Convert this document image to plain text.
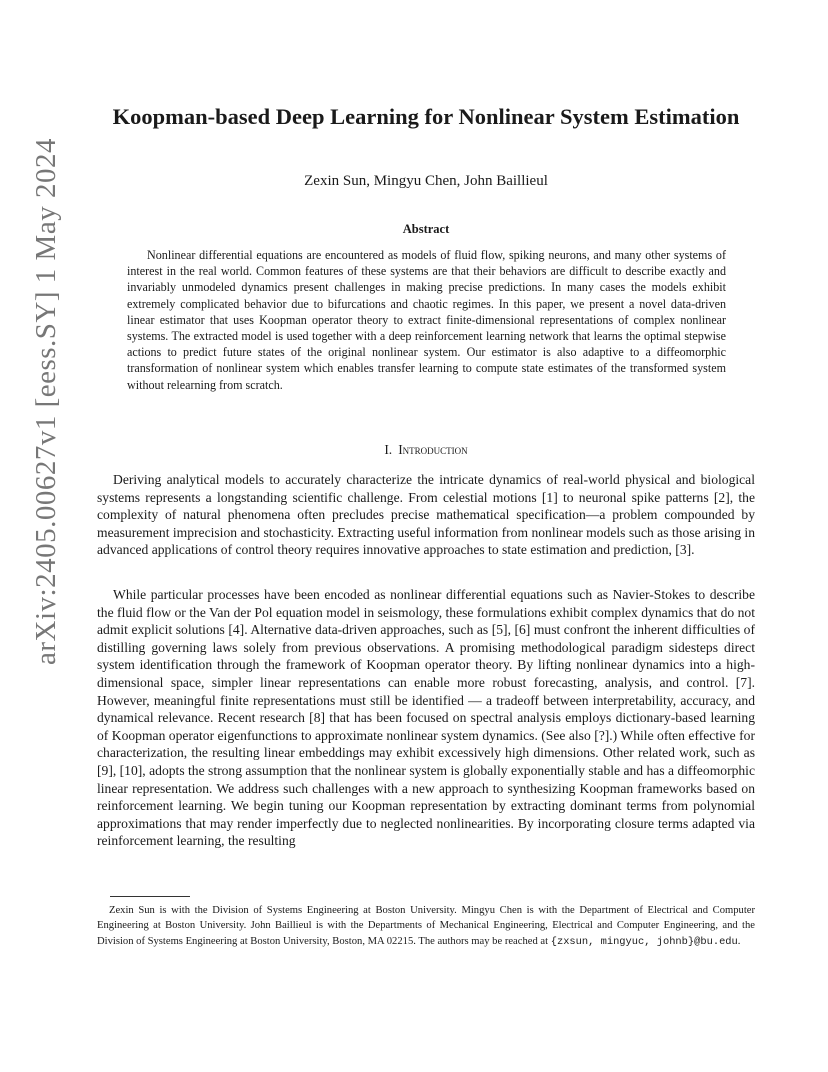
arXiv:2405.00627v1 [eess.SY] 1 May 2024
Koopman-based Deep Learning for Nonlinear System Estimation
Zexin Sun, Mingyu Chen, John Baillieul
Abstract

Nonlinear differential equations are encountered as models of fluid flow, spiking neurons, and many other systems of interest in the real world. Common features of these systems are that their behaviors are difficult to describe exactly and invariably unmodeled dynamics present challenges in making precise predictions. In many cases the models exhibit extremely complicated behavior due to bifurcations and chaotic regimes. In this paper, we present a novel data-driven linear estimator that uses Koopman operator theory to extract finite-dimensional representations of complex nonlinear systems. The extracted model is used together with a deep reinforcement learning network that learns the optimal stepwise actions to predict future states of the original nonlinear system. Our estimator is also adaptive to a diffeomorphic transformation of nonlinear system which enables transfer learning to compute state estimates of the transformed system without relearning from scratch.

I. Introduction

Deriving analytical models to accurately characterize the intricate dynamics of real-world physical and biological systems represents a longstanding scientific challenge. From celestial motions [1] to neuronal spike patterns [2], the complexity of natural phenomena often precludes precise mathematical specification—a problem compounded by measurement imprecision and stochasticity. Extracting useful information from nonlinear models such as those arising in advanced applications of control theory requires innovative approaches to state estimation and prediction, [3].

While particular processes have been encoded as nonlinear differential equations such as Navier-Stokes to describe the fluid flow or the Van der Pol equation model in seismology, these formulations exhibit complex dynamics that do not admit explicit solutions [4]. Alternative data-driven approaches, such as [5], [6] must confront the inherent difficulties of distilling governing laws solely from previous observations. A promising methodological paradigm sidesteps direct system identification through the framework of Koopman operator theory. By lifting nonlinear dynamics into a high-dimensional space, simpler linear representations can enable more robust forecasting, analysis, and control. [7]. However, meaningful finite representations must still be identified — a tradeoff between interpretability, accuracy, and dynamical relevance. Recent research [8] that has been focused on spectral analysis employs dictionary-based learning of Koopman operator eigenfunctions to approximate nonlinear system dynamics. (See also [?].) While often effective for characterization, the resulting linear embeddings may exhibit excessively high dimensions. Other related work, such as [9], [10], adopts the strong assumption that the nonlinear system is globally exponentially stable and has a diffeomorphic linear representation. We address such challenges with a new approach to synthesizing Koopman frameworks based on reinforcement learning. We begin tuning our Koopman representation by extracting dominant terms from polynomial approximations that may render imperfectly due to neglected nonlinearities. By incorporating closure terms adapted via reinforcement learning, the resulting

Zexin Sun is with the Division of Systems Engineering at Boston University. Mingyu Chen is with the Department of Electrical and Computer Engineering at Boston University. John Baillieul is with the Departments of Mechanical Engineering, Electrical and Computer Engineering, and the Division of Systems Engineering at Boston University, Boston, MA 02215. The authors may be reached at {zxsun, mingyuc, johnb}@bu.edu.
